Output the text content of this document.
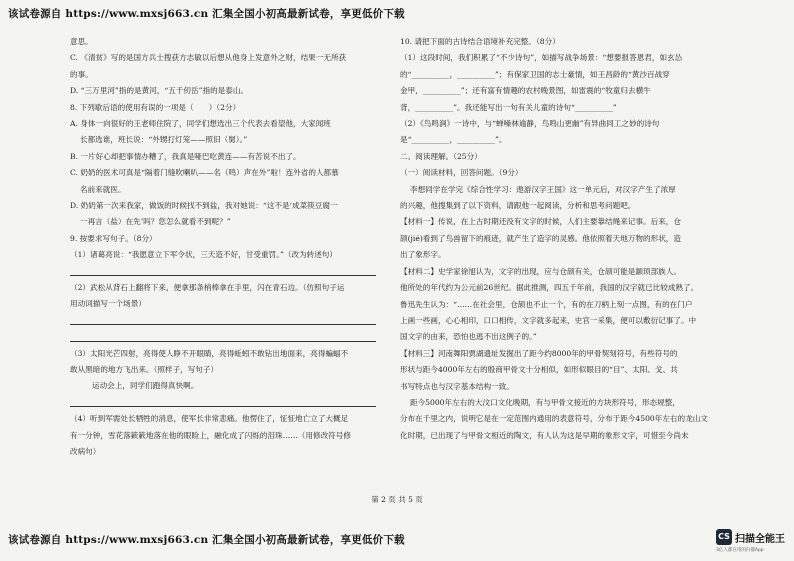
该试卷源自 https://www.mxsj663.cn 汇集全国小初高最新试卷，享更低价下载

意思。

C. 《清贫》写的是国方兵士搜获方志敏以后想从他身上发意外之财，结果一无所获

的事。

D. “三万里河”指的是黄河，“五千仞岳”指的是泰山。

8. 下列歇后语的使用有误的一项是（　　）（2分）

A. 身体一向很好的王老师住院了，同学们想选出三个代表去看望他，大家闻班

长都选谁，班长说：“外甥打灯笼——照旧（舅）。”

B. 一片好心却把事情办糟了，我真是哑巴吃黄连——有苦说不出了。

C. 奶奶的医术可真是“隔着门缝吹喇叭——名（鸣）声在外”啦！连外省的人都慕

名前来就医。

D. 奶奶第一次来我家，做饭的时候找不到盐，我对她说：“这不是‘成菜筷豆腐一

一再言（盐）在先’吗？您怎么就看不到呢？”

9. 按要求写句子。（8分）

（1）诸葛亮说：“我愿意立下军令状，三天造不好，甘受重罚。”（改为转述句）

（2）武松从背石上翻将下来，便拿那条梢棒拿在手里，闪在青石边。（仿照句子运

用动词描写一个场景）

（3）太阳光芒四射，亮得使人睁不开眼睛，亮得蚯蚓不敢钻出地面来，亮得蝙蝠不

敢从黑暗的地方飞出来。（照样子，写句子）

运动会上，同学们跑得真快啊。

（4）听到军需处长牺牲的消息，使军长非常悲痛。他愣住了，怔怔地亡立了大概足

有一分钟，雪花落簌簌地落在他的眼睑上，融化成了闪烁的泪珠……（用修改符号修

改病句）

10. 请把下面的古诗结合语境补充完整。（8分）

（1）这段时间，我们积累了“不少诗句”，如描写战争场景：“想要报答恩君，如玄怂

的“__________，__________”；有保家卫国的志士豪情，如王昌龄的“黄沙百战穿

金甲，__________”；还有富有情趣的农村晚景图，如雷震的“牧童归去横牛

背，__________”。我还能写出一句有关儿童的诗句“__________”

（2）《鸟鸣涧》一诗中，与“蝉噪林逾静，鸟鸣山更幽”有异曲同工之妙的诗句

是“__________，__________”。

二、阅读理解。（25分）

（一）阅读材料，回答问题。（9分）

李想同学在学完《综合性学习：遨游汉字王国》这一单元后，对汉字产生了浓厚

的兴趣，他搜集到了以下资料，请跟他一起阅读，分析和思考问题吧。

【材料一】传说，在上古时期还没有文字的时候，人们主要靠结绳来记事。后来，仓

颉(jié)看到了鸟兽留下的痕迹，就产生了造字的灵感。他依照着天地万物的形状，造

出了象形字。

【材料二】史学家徐旭认为，文字的出现，应与仓颉有关，仓颉可能是颛顼部族人。

他所处的年代约为公元前26世纪。据此推测，四五千年前，我国的汉字就已比较成熟了。

鲁迅先生认为：“……在社会里，仓颉也不止一个，有的在刀柄上刻一点图，有的在门户

上画一些画，心心相印，口口相传，文字就多起来，史官一采集，便可以敷衍记事了。中

国文字的由来，恐怕也逃不出这例子的。”

【材料三】河南舞阳贾湖遗址发掘出了距今约8000年的甲骨契刻符号，有些符号的

形状与距今4000年左右的殷商甲骨文十分相似，如形似眼目的“目”、太阳、戈、共

书写特点也与汉字基本结构一致。

距今5000年左右的大汶口文化晚期，有与甲骨文接近的方块形符号，形态规整，

分布在千里之内，说明它是在一定范围内通用的表意符号，分布于距今4500年左右的龙山文

化时期，已出现了与甲骨文相近的陶文，有人认为这是早期的象形文字，可惜至今尚未

第 2 页 共 5 页
该试卷源自 https://www.mxsj663.cn 汇集全国小初高最新试卷，享更低价下载	CS 扫描全能王
3亿人都在用的扫描App
